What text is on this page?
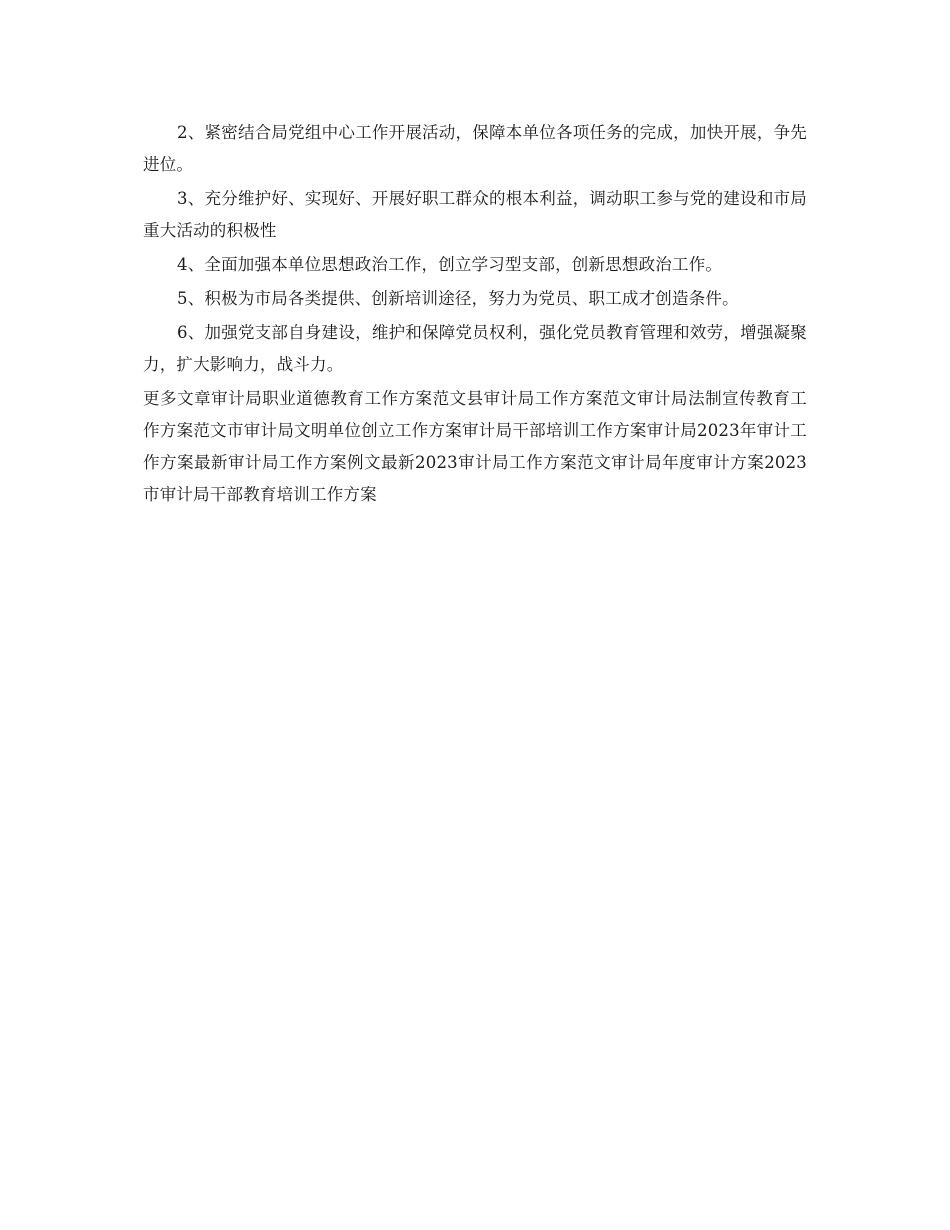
2、紧密结合局党组中心工作开展活动，保障本单位各项任务的完成，加快开展，争先进位。

3、充分维护好、实现好、开展好职工群众的根本利益，调动职工参与党的建设和市局重大活动的积极性

4、全面加强本单位思想政治工作，创立学习型支部，创新思想政治工作。

5、积极为市局各类提供、创新培训途径，努力为党员、职工成才创造条件。

6、加强党支部自身建设，维护和保障党员权利，强化党员教育管理和效劳，增强凝聚力，扩大影响力，战斗力。

更多文章审计局职业道德教育工作方案范文县审计局工作方案范文审计局法制宣传教育工作方案范文市审计局文明单位创立工作方案审计局干部培训工作方案审计局2023年审计工作方案最新审计局工作方案例文最新2023审计局工作方案范文审计局年度审计方案2023市审计局干部教育培训工作方案
